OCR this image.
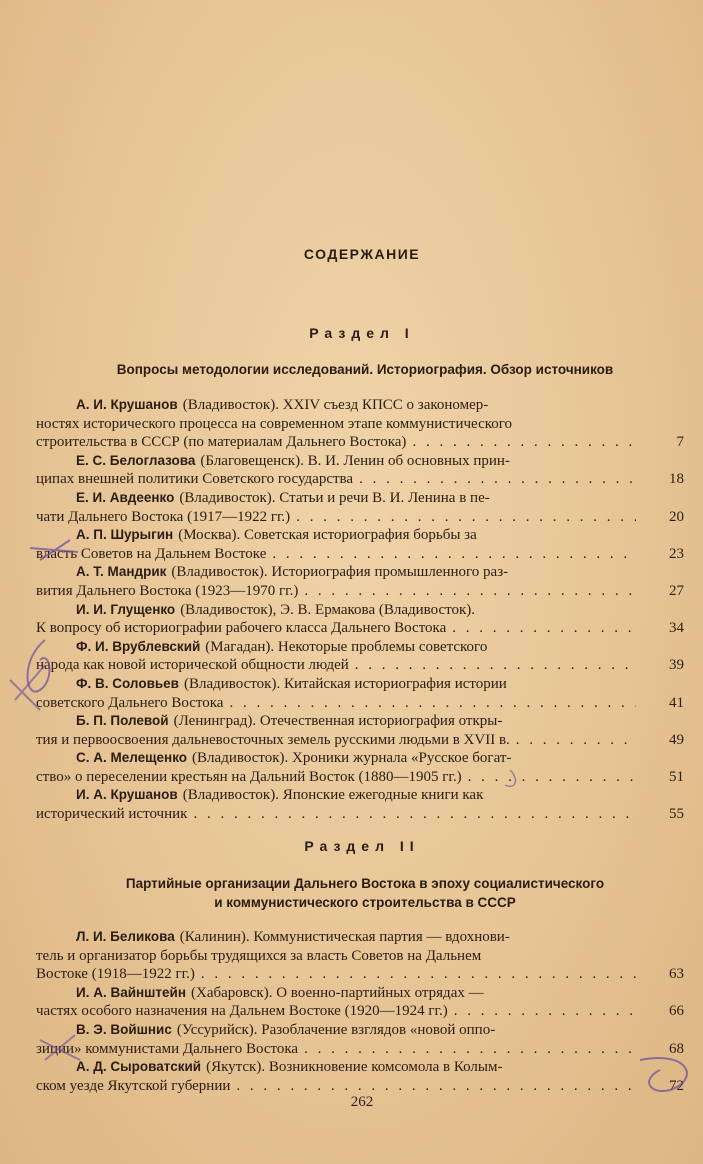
СОДЕРЖАНИЕ
Раздел I
Вопросы методологии исследований. Историография. Обзор источников
А. И. Крушанов (Владивосток). XXIV съезд КПСС о закономер-
ностях исторического процесса на современном этапе коммунистического
строительства в СССР (по материалам Дальнего Востока) . . .	7
Е. С. Белоглазова (Благовещенск). В. И. Ленин об основных прин-
ципах внешней политики Советского государства . . .	18
Е. И. Авдеенко (Владивосток). Статьи и речи В. И. Ленина в пе-
чати Дальнего Востока (1917—1922 гг.) . . .	20
А. П. Шурыгин (Москва). Советская историография борьбы за
власть Советов на Дальнем Востоке . . .	23
А. Т. Мандрик (Владивосток). Историография промышленного раз-
вития Дальнего Востока (1923—1970 гг.) . . .	27
И. И. Глущенко (Владивосток), Э. В. Ермакова (Владивосток).
К вопросу об историографии рабочего класса Дальнего Востока . . .	34
Ф. И. Врублевский (Магадан). Некоторые проблемы советского
народа как новой исторической общности людей . . .	39
Ф. В. Соловьев (Владивосток). Китайская историография истории
советского Дальнего Востока . . .	41
Б. П. Полевой (Ленинград). Отечественная историография откры-
тия и первоосвоения дальневосточных земель русскими людьми в XVII в. . . .	49
С. А. Мелещенко (Владивосток). Хроники журнала «Русское богат-
ство» о переселении крестьян на Дальний Восток (1880—1905 гг.) . . .	51
И. А. Крушанов (Владивосток). Японские ежегодные книги как
исторический источник . . .	55
Раздел II
Партийные организации Дальнего Востока в эпоху социалистического
и коммунистического строительства в СССР
Л. И. Беликова (Калинин). Коммунистическая партия — вдохнови-
тель и организатор борьбы трудящихся за власть Советов на Дальнем
Востоке (1918—1922 гг.) . . .	63
И. А. Вайнштейн (Хабаровск). О военно-партийных отрядах —
частях особого назначения на Дальнем Востоке (1920—1924 гг.) . . .	66
В. Э. Войшнис (Уссурийск). Разоблачение взглядов «новой оппо-
зиции» коммунистами Дальнего Востока . . .	68
А. Д. Сыроватский (Якутск). Возникновение комсомола в Колым-
ском уезде Якутской губернии . . .	72
262
